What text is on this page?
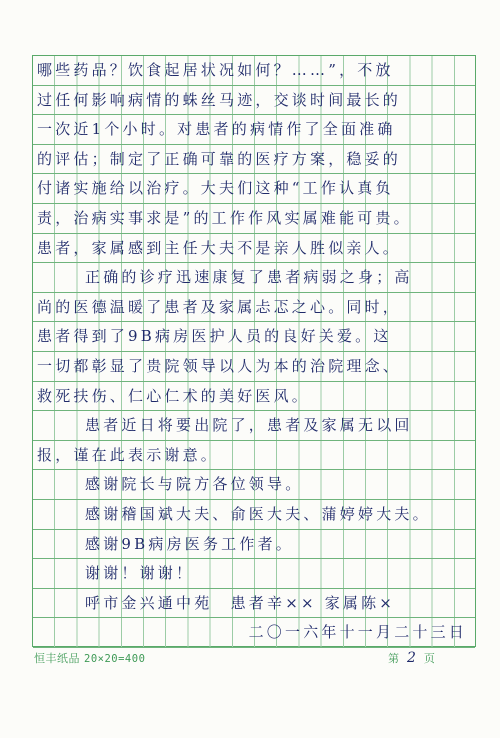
哪些药品？饮食起居状况如何？……”，不放
过任何影响病情的蛛丝马迹，交谈时间最长的
一次近1个小时。对患者的病情作了全面准确
的评估；制定了正确可靠的医疗方案，稳妥的
付诸实施给以治疗。大夫们这种“工作认真负
责，治病实事求是”的工作作风实属难能可贵。
患者，家属感到主任大夫不是亲人胜似亲人。
正确的诊疗迅速康复了患者病弱之身；高
尚的医德温暖了患者及家属忐忑之心。同时，
患者得到了9B病房医护人员的良好关爱。这
一切都彰显了贵院领导以人为本的治院理念、
救死扶伤、仁心仁术的美好医风。
患者近日将要出院了，患者及家属无以回
报，谨在此表示谢意。
感谢院长与院方各位领导。
感谢稽国斌大夫、俞医大夫、蒲婷婷大夫。
感谢9B病房医务工作者。
谢谢！谢谢！
呼市金兴通中苑　患者辛×× 家属陈×
二〇一六年十一月二十三日
恒丰纸品 20×20=400	第 2 页
